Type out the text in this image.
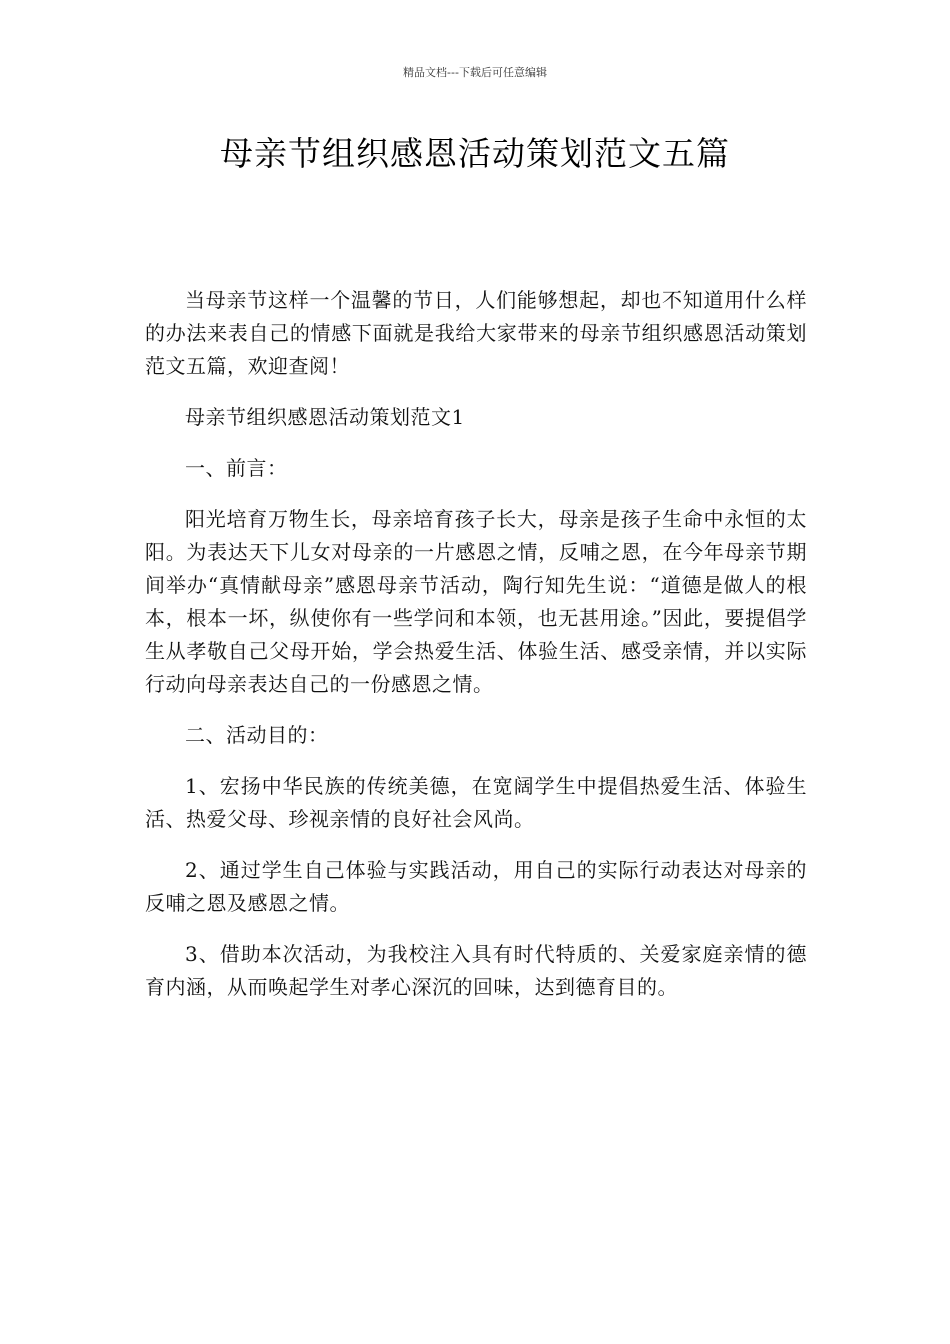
精品文档---下载后可任意编辑
母亲节组织感恩活动策划范文五篇

当母亲节这样一个温馨的节日，人们能够想起，却也不知道用什么样的办法来表自己的情感下面就是我给大家带来的母亲节组织感恩活动策划范文五篇，欢迎查阅！

母亲节组织感恩活动策划范文1

一、前言：

阳光培育万物生长，母亲培育孩子长大，母亲是孩子生命中永恒的太阳。为表达天下儿女对母亲的一片感恩之情，反哺之恩，在今年母亲节期间举办“真情献母亲”感恩母亲节活动，陶行知先生说：“道德是做人的根本，根本一坏，纵使你有一些学问和本领，也无甚用途。”因此，要提倡学生从孝敬自己父母开始，学会热爱生活、体验生活、感受亲情，并以实际行动向母亲表达自己的一份感恩之情。

二、活动目的：

1、宏扬中华民族的传统美德，在宽阔学生中提倡热爱生活、体验生活、热爱父母、珍视亲情的良好社会风尚。

2、通过学生自己体验与实践活动，用自己的实际行动表达对母亲的反哺之恩及感恩之情。

3、借助本次活动，为我校注入具有时代特质的、关爱家庭亲情的德育内涵，从而唤起学生对孝心深沉的回味，达到德育目的。
